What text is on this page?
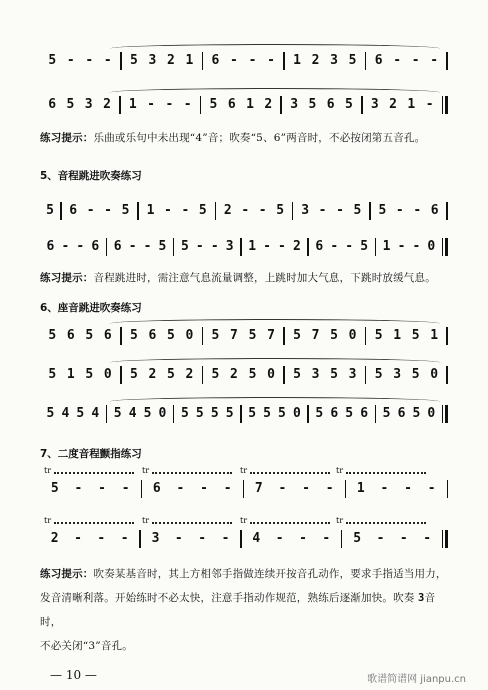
5 - - - 5 3 2 1 6 - - - 1 2 3 5 6 - - -
6 5 3 2 1 - - - 5 6 1 2 3 5 6 5 3 2 1 -
5 6 - - 5 1 - - 5 2 - - 5 3 - - 5 5 - - 6
6 - - 6 6 - - 5 5 - - 3 1 - - 2 6 - - 5 1 - - 0
5 6 5 6 5 6 5 0 5 7 5 7 5 7 5 0 5 1 5 1
5 1 5 0 5 2 5 2 5 2 5 0 5 3 5 3 5 3 5 0
5 4 5 4 5 4 5 0 5 5 5 5 5 5 5 0 5 6 5 6 5 6 5 0
5 - - - 6 - - - 7 - - - 1 - - -
tr	tr	tr	tr
2 - - - 3 - - - 4 - - - 5 - - -
tr	tr	tr	tr
练习提示：乐曲或乐句中未出现“4”音；吹奏“5、6”两音时，不必按闭第五音孔。
5、音程跳进吹奏练习
练习提示：音程跳进时，需注意气息流量调整，上跳时加大气息，下跳时放缓气息。
6、座音跳进吹奏练习
7、二度音程颤指练习
练习提示：吹奏某基音时，其上方相邻手指做连续开按音孔动作，要求手指适当用力，
发音清晰利落。开始练时不必太快，注意手指动作规范，熟练后逐渐加快。吹奏 3音时，
不必关闭“3”音孔。
— 10 —	歌谱简谱网 jianpu.cn
